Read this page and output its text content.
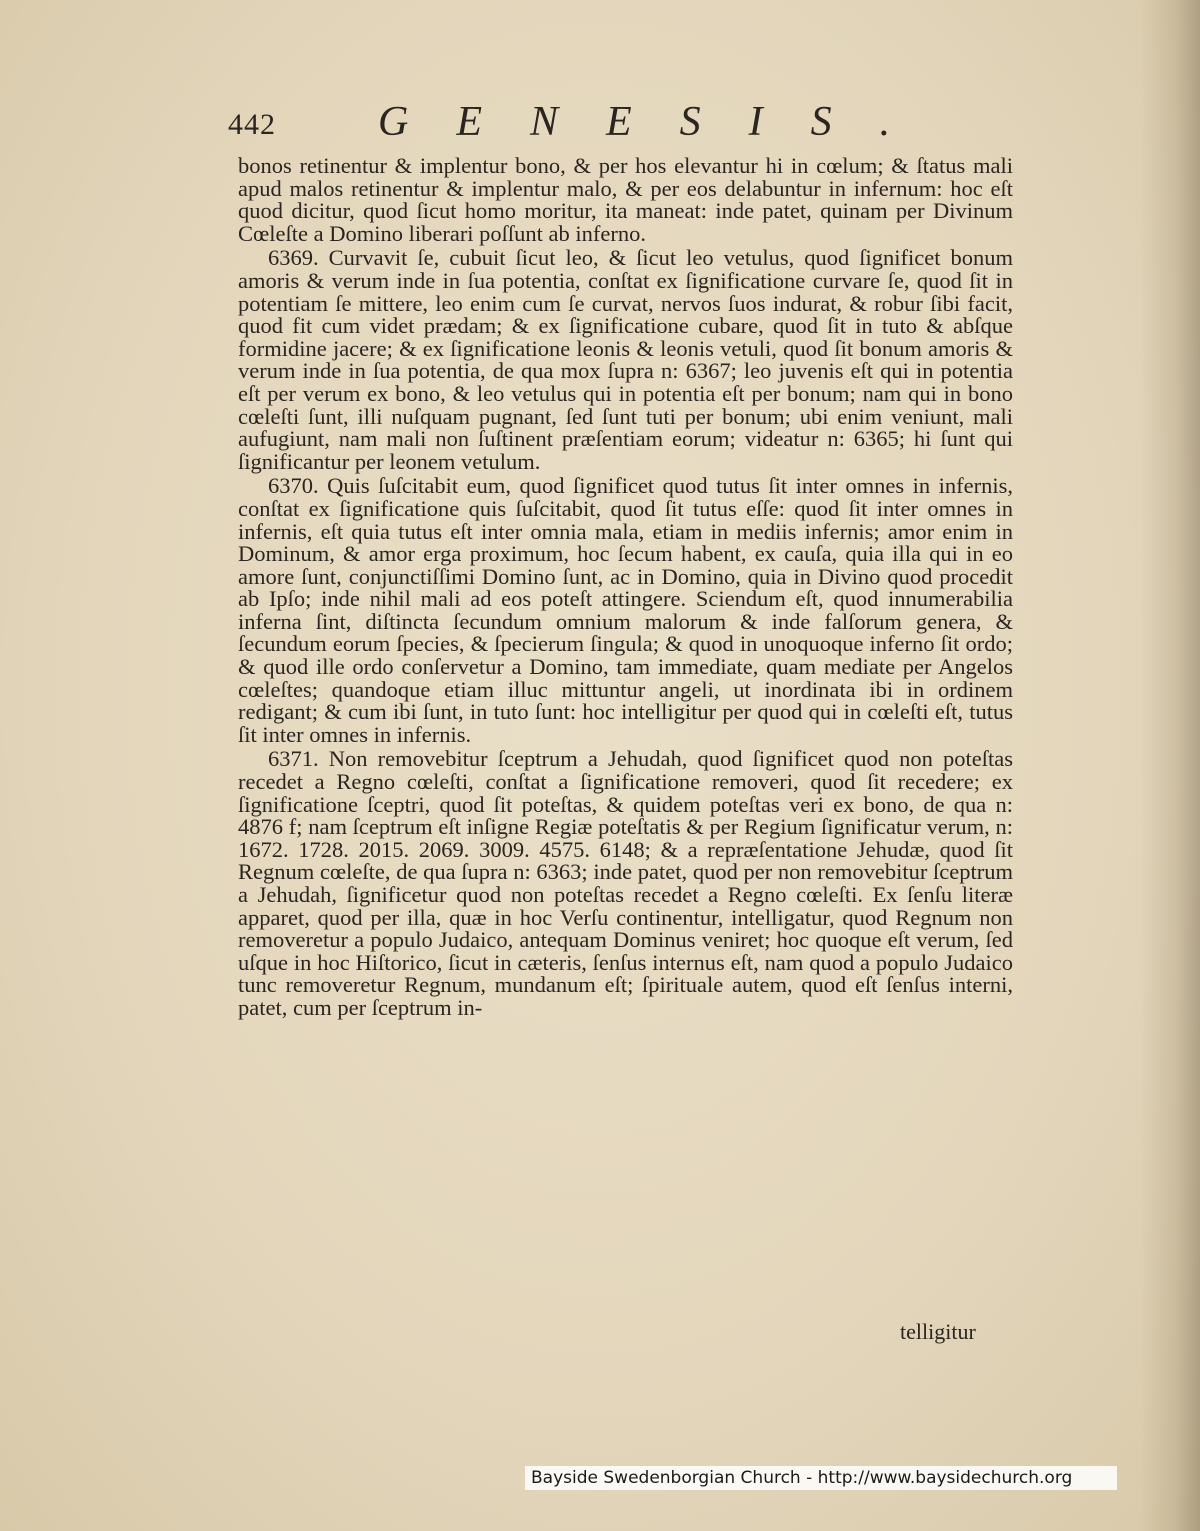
442 GENESIS.

bonos retinentur & implentur bono, & per hos elevantur hi in cœlum; & ſtatus mali apud malos retinentur & implentur malo, & per eos delabuntur in infernum: hoc eſt quod dicitur, quod ſicut homo moritur, ita maneat: inde patet, quinam per Divinum Cœleſte a Domino liberari poſſunt ab inferno.

6369. Curvavit ſe, cubuit ſicut leo, & ſicut leo vetulus, quod ſignificet bonum amoris & verum inde in ſua potentia, conſtat ex ſignificatione curvare ſe, quod ſit in potentiam ſe mittere, leo enim cum ſe curvat, nervos ſuos indurat, & robur ſibi facit, quod fit cum videt prædam; & ex ſignificatione cubare, quod ſit in tuto & abſque formidine jacere; & ex ſignificatione leonis & leonis vetuli, quod ſit bonum amoris & verum inde in ſua potentia, de qua mox ſupra n: 6367; leo juvenis eſt qui in potentia eſt per verum ex bono, & leo vetulus qui in potentia eſt per bonum; nam qui in bono cœleſti ſunt, illi nuſquam pugnant, ſed ſunt tuti per bonum; ubi enim veniunt, mali aufugiunt, nam mali non ſuſtinent præſentiam eorum; videatur n: 6365; hi ſunt qui ſignificantur per leonem vetulum.

6370. Quis ſuſcitabit eum, quod ſignificet quod tutus ſit inter omnes in infernis, conſtat ex ſignificatione quis ſuſcitabit, quod ſit tutus eſſe: quod ſit inter omnes in infernis, eſt quia tutus eſt inter omnia mala, etiam in mediis infernis; amor enim in Dominum, & amor erga proximum, hoc ſecum habent, ex cauſa, quia illa qui in eo amore ſunt, conjunctiſſimi Domino ſunt, ac in Domino, quia in Divino quod procedit ab Ipſo; inde nihil mali ad eos poteſt attingere. Sciendum eſt, quod innumerabilia inferna ſint, diſtincta ſecundum omnium malorum & inde falſorum genera, & ſecundum eorum ſpecies, & ſpecierum ſingula; & quod in unoquoque inferno ſit ordo; & quod ille ordo conſervetur a Domino, tam immediate, quam mediate per Angelos cœleſtes; quandoque etiam illuc mittuntur angeli, ut inordinata ibi in ordinem redigant; & cum ibi ſunt, in tuto ſunt: hoc intelligitur per quod qui in cœleſti eſt, tutus ſit inter omnes in infernis.

6371. Non removebitur ſceptrum a Jehudah, quod ſignificet quod non poteſtas recedet a Regno cœleſti, conſtat a ſignificatione removeri, quod ſit recedere; ex ſignificatione ſceptri, quod ſit poteſtas, & quidem poteſtas veri ex bono, de qua n: 4876 f; nam ſceptrum eſt inſigne Regiæ poteſtatis & per Regium ſignificatur verum, n: 1672. 1728. 2015. 2069. 3009. 4575. 6148; & a repræſentatione Jehudæ, quod ſit Regnum cœleſte, de qua ſupra n: 6363; inde patet, quod per non removebitur ſceptrum a Jehudah, ſignificetur quod non poteſtas recedet a Regno cœleſti. Ex ſenſu literæ apparet, quod per illa, quæ in hoc Verſu continentur, intelligatur, quod Regnum non removeretur a populo Judaico, antequam Dominus veniret; hoc quoque eſt verum, ſed uſque in hoc Hiſtorico, ſicut in cæteris, ſenſus internus eſt, nam quod a populo Judaico tunc removeretur Regnum, mundanum eſt; ſpirituale autem, quod eſt ſenſus interni, patet, cum per ſceptrum in-

telligitur
Bayside Swedenborgian Church - http://www.baysidechurch.org
